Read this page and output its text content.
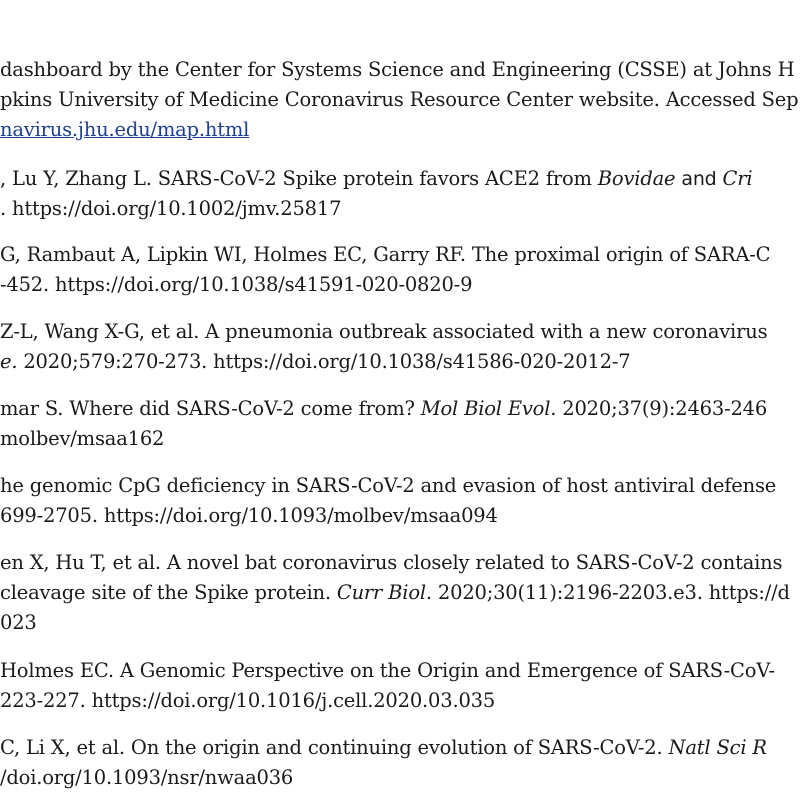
dashboard by the Center for Systems Science and Engineering (CSSE) at Johns H
pkins University of Medicine Coronavirus Resource Center website. Accessed Sep
navirus.jhu.edu/map.html
, Lu Y, Zhang L. SARS-CoV-2 Spike protein favors ACE2 from Bovidae and Cri
. https://doi.org/10.1002/jmv.25817
G, Rambaut A, Lipkin WI, Holmes EC, Garry RF. The proximal origin of SARA-C
-452. https://doi.org/10.1038/s41591-020-0820-9
Z-L, Wang X-G, et al. A pneumonia outbreak associated with a new coronavirus
e. 2020;579:270-273. https://doi.org/10.1038/s41586-020-2012-7
mar S. Where did SARS-CoV-2 come from? Mol Biol Evol. 2020;37(9):2463-246
molbev/msaa162
he genomic CpG deficiency in SARS-CoV-2 and evasion of host antiviral defense
699-2705. https://doi.org/10.1093/molbev/msaa094
en X, Hu T, et al. A novel bat coronavirus closely related to SARS-CoV-2 contains
cleavage site of the Spike protein. Curr Biol. 2020;30(11):2196-2203.e3. https://d
023
Holmes EC. A Genomic Perspective on the Origin and Emergence of SARS-CoV-
223-227. https://doi.org/10.1016/j.cell.2020.03.035
C, Li X, et al. On the origin and continuing evolution of SARS-CoV-2. Natl Sci R
/doi.org/10.1093/nsr/nwaa036
